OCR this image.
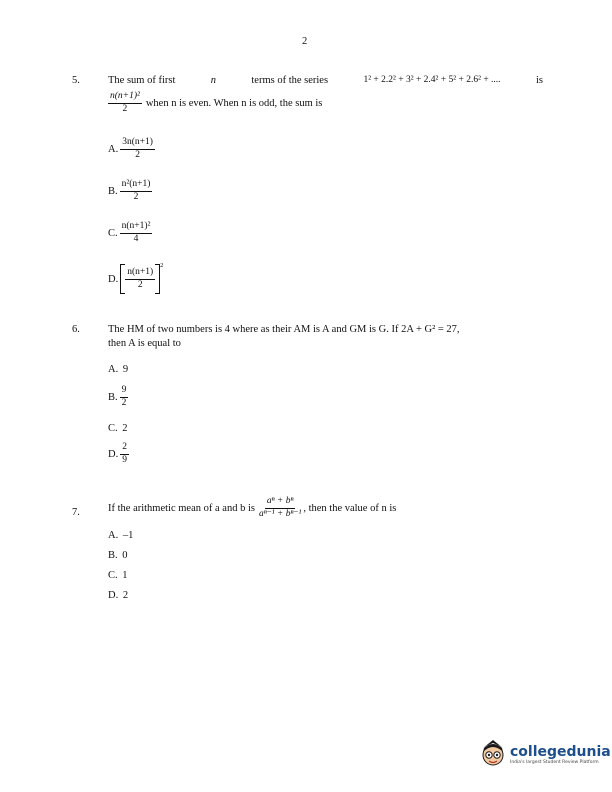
2
5.	The sum of first	n	terms of the series	1² + 2.2² + 3² + 2.4² + 5² + 2.6² + ....	is
$\frac{\text{n(n+1)²}}{2}$ when n is even. When n is odd, the sum is
A. $\frac{3n(n+1)}{2}$
B. $\frac{\text{n²(n+1)}}{2}$
C. $\frac{\text{n(n+1)²}}{4}$
D. $\frac{n(n+1)}{2}$
2
6.	The HM of two numbers is 4 where as their AM is A and GM is G. If 2A + G² = 27,
then A is equal to
A. 9
B. $\frac{9}{2}$
C. 2
D. $\frac{2}{9}$
7.	If the arithmetic mean of a and b is $\frac{\text{aⁿ + bⁿ}}{\text{aⁿ⁻¹ + bⁿ⁻¹}}$ , then the value of n is
A. –1
B. 0
C. 1
D. 2
collegedunia
India's largest Student Review Platform
